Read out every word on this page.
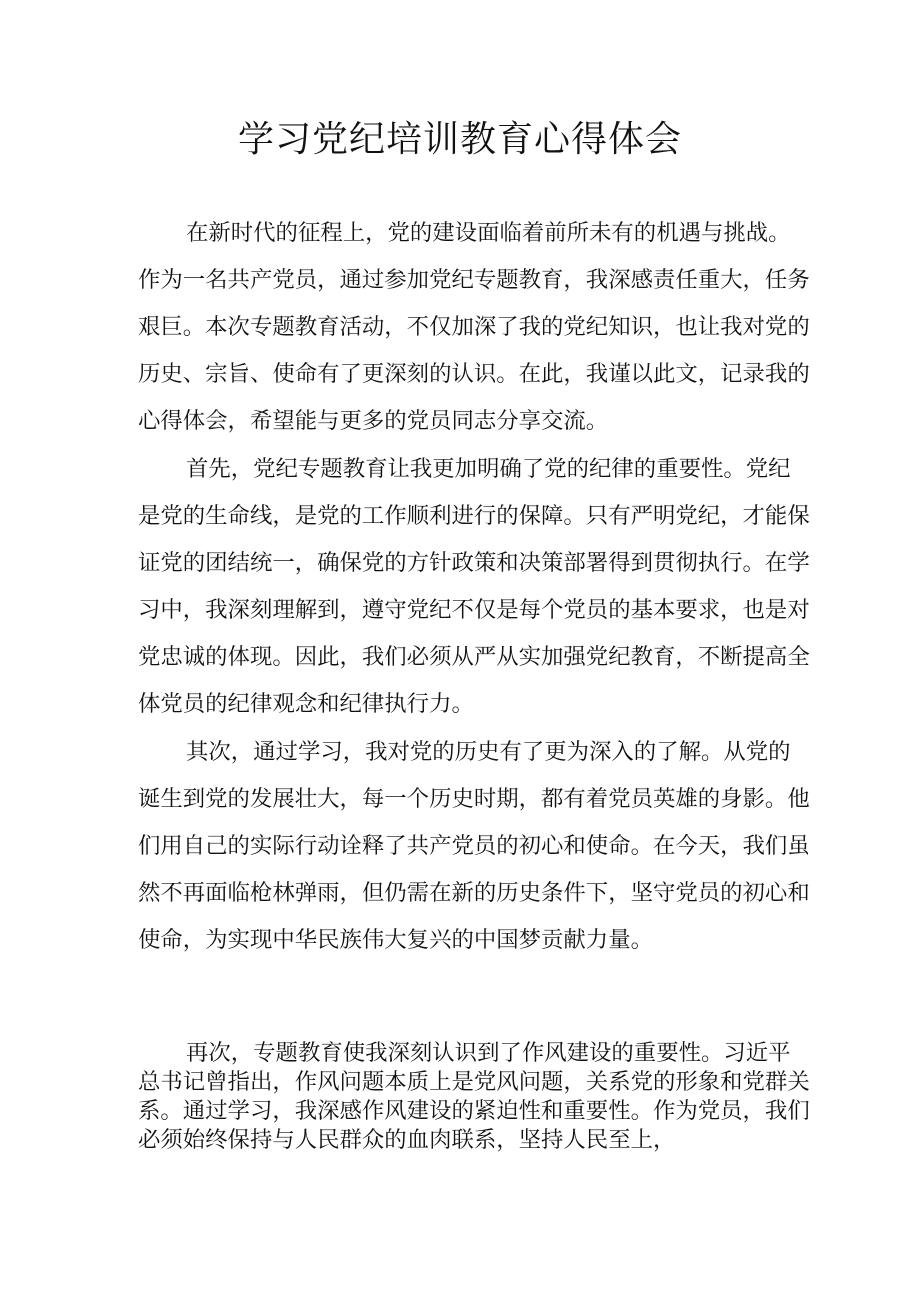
学习党纪培训教育心得体会

在新时代的征程上，党的建设面临着前所未有的机遇与挑战。作为一名共产党员，通过参加党纪专题教育，我深感责任重大，任务艰巨。本次专题教育活动，不仅加深了我的党纪知识，也让我对党的历史、宗旨、使命有了更深刻的认识。在此，我谨以此文，记录我的心得体会，希望能与更多的党员同志分享交流。

首先，党纪专题教育让我更加明确了党的纪律的重要性。党纪是党的生命线，是党的工作顺利进行的保障。只有严明党纪，才能保证党的团结统一，确保党的方针政策和决策部署得到贯彻执行。在学习中，我深刻理解到，遵守党纪不仅是每个党员的基本要求，也是对党忠诚的体现。因此，我们必须从严从实加强党纪教育，不断提高全体党员的纪律观念和纪律执行力。

其次，通过学习，我对党的历史有了更为深入的了解。从党的诞生到党的发展壮大，每一个历史时期，都有着党员英雄的身影。他们用自己的实际行动诠释了共产党员的初心和使命。在今天，我们虽然不再面临枪林弹雨，但仍需在新的历史条件下，坚守党员的初心和使命，为实现中华民族伟大复兴的中国梦贡献力量。

再次，专题教育使我深刻认识到了作风建设的重要性。习近平总书记曾指出，作风问题本质上是党风问题，关系党的形象和党群关系。通过学习，我深感作风建设的紧迫性和重要性。作为党员，我们必须始终保持与人民群众的血肉联系，坚持人民至上，
